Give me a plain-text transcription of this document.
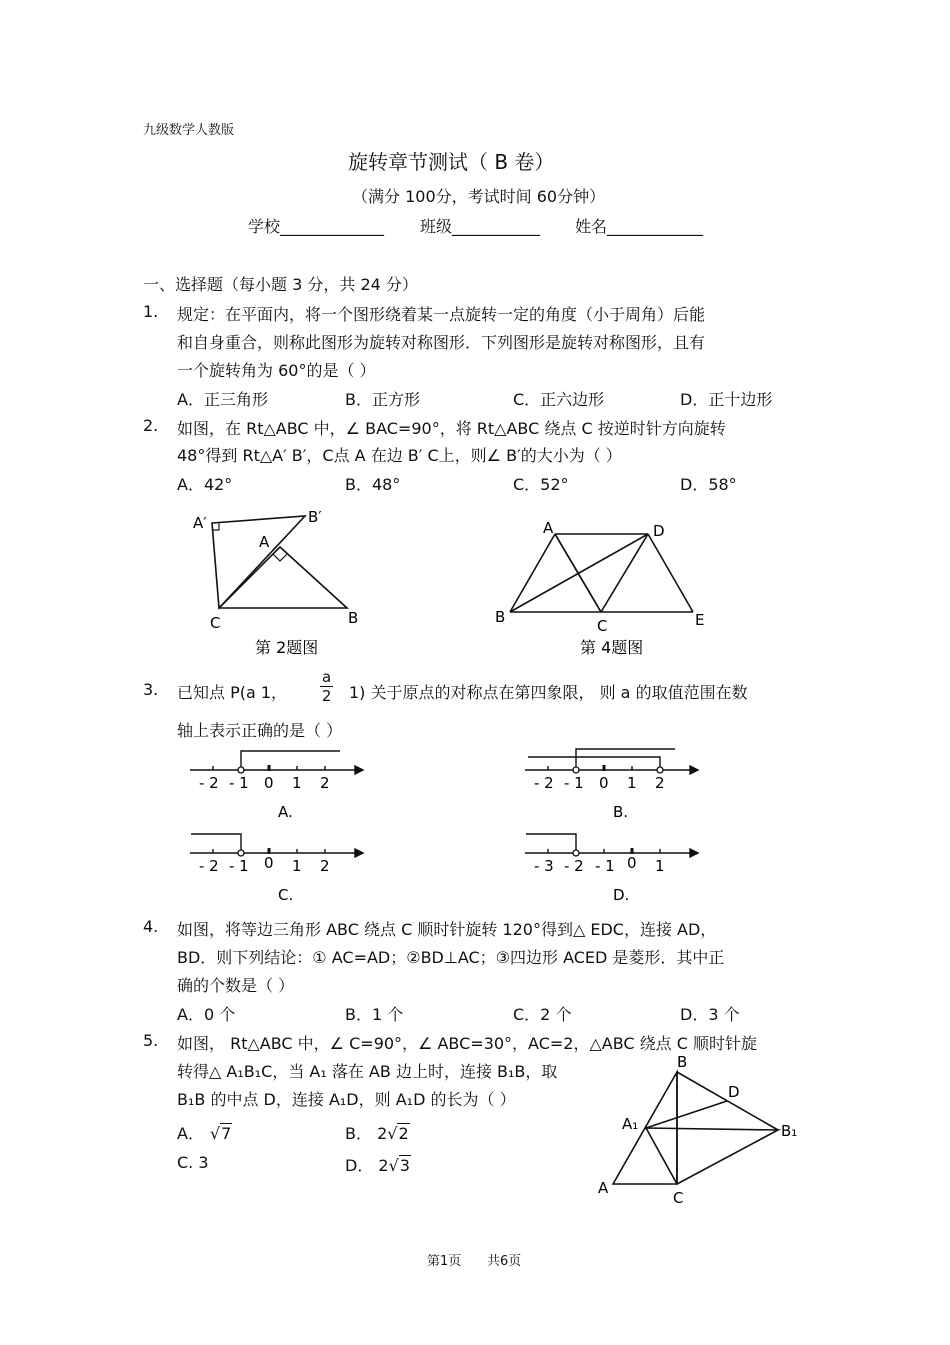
九级数学人教版
旋转章节测试（ B 卷）
（满分 100分，考试时间 60分钟）
学校_____________ 班级___________ 姓名____________
一、选择题（每小题 3 分，共 24 分）
1. 规定：在平面内，将一个图形绕着某一点旋转一定的角度（小于周角）后能
和自身重合，则称此图形为旋转对称图形．下列图形是旋转对称图形，且有
一个旋转角为 60°的是（ ）
A．正三角形	B．正方形	C．正六边形	D．正十边形
2. 如图，在 Rt△ABC 中，∠ BAC=90°，将 Rt△ABC 绕点 C 按逆时针方向旋转
48°得到 Rt△A′ B′，C点 A 在边 B′ C上，则∠ B′的大小为（ ）
A．42°	B．48°	C．52°	D．58°
A′	B′
A
B
C
第 2题图
A	D
B	C	E
第 4题图
3. 已知点 P(a 1， $\frac{a}{2} 1$) 关于原点的对称点在第四象限， 则 a 的取值范围在数
轴上表示正确的是（ ）
- 2 - 1 0 1 2
A.
- 2 - 1 0 1 2
B.
- 2 - 1 0 1 2
C.
- 3 - 2 - 1 0 1
D.
4. 如图，将等边三角形 ABC 绕点 C 顺时针旋转 120°得到△ EDC，连接 AD，
BD．则下列结论：① AC=AD；②BD⊥AC；③四边形 ACED 是菱形．其中正
确的个数是（ ）
A．0 个	B．1 个	C．2 个	D．3 个
5. 如图， Rt△ABC 中，∠ C=90°，∠ ABC=30°，AC=2，△ABC 绕点 C 顺时针旋
转得△ A₁B₁C，当 A₁ 落在 AB 边上时，连接 B₁B，取
B₁B 的中点 D，连接 A₁D，则 A₁D 的长为（ ）
A． √7	B． 2√2
C. 3	D． 2√3
B
D
A₁	B₁
A
C
第1页 共6页
